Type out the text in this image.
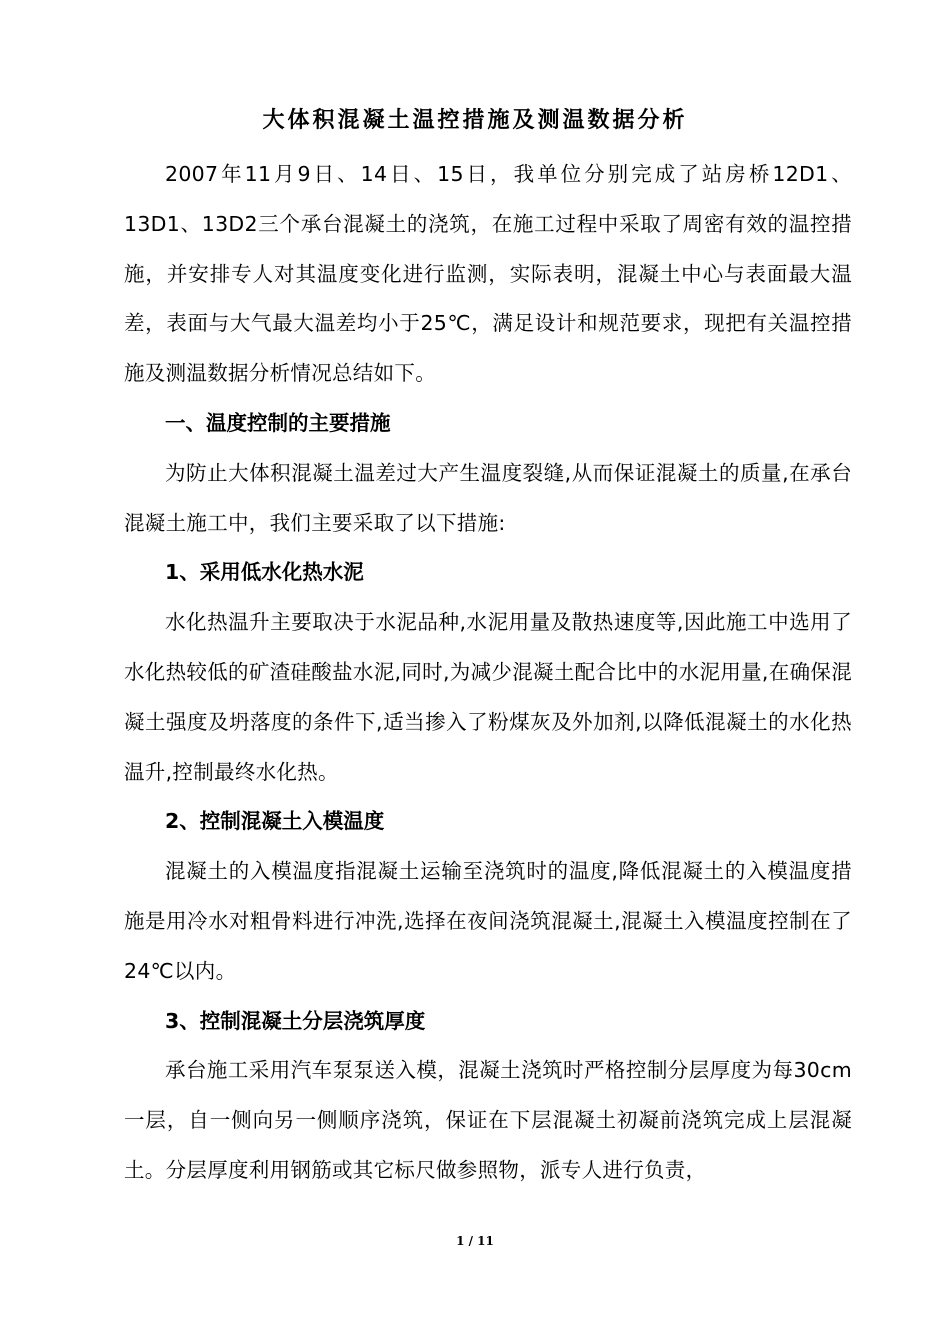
大体积混凝土温控措施及测温数据分析

2007年11月9日、14日、15日，我单位分别完成了站房桥12D1、13D1、13D2三个承台混凝土的浇筑，在施工过程中采取了周密有效的温控措施，并安排专人对其温度变化进行监测，实际表明，混凝土中心与表面最大温差，表面与大气最大温差均小于25℃，满足设计和规范要求，现把有关温控措施及测温数据分析情况总结如下。

一、温度控制的主要措施

为防止大体积混凝土温差过大产生温度裂缝,从而保证混凝土的质量,在承台混凝土施工中，我们主要采取了以下措施:

1、采用低水化热水泥

水化热温升主要取决于水泥品种,水泥用量及散热速度等,因此施工中选用了水化热较低的矿渣硅酸盐水泥,同时,为减少混凝土配合比中的水泥用量,在确保混凝土强度及坍落度的条件下,适当掺入了粉煤灰及外加剂,以降低混凝土的水化热温升,控制最终水化热。

2、控制混凝土入模温度

混凝土的入模温度指混凝土运输至浇筑时的温度,降低混凝土的入模温度措施是用冷水对粗骨料进行冲洗,选择在夜间浇筑混凝土,混凝土入模温度控制在了24℃以内。

3、控制混凝土分层浇筑厚度

承台施工采用汽车泵泵送入模，混凝土浇筑时严格控制分层厚度为每30cm一层，自一侧向另一侧顺序浇筑，保证在下层混凝土初凝前浇筑完成上层混凝土。分层厚度利用钢筋或其它标尺做参照物，派专人进行负责，

1 / 11
